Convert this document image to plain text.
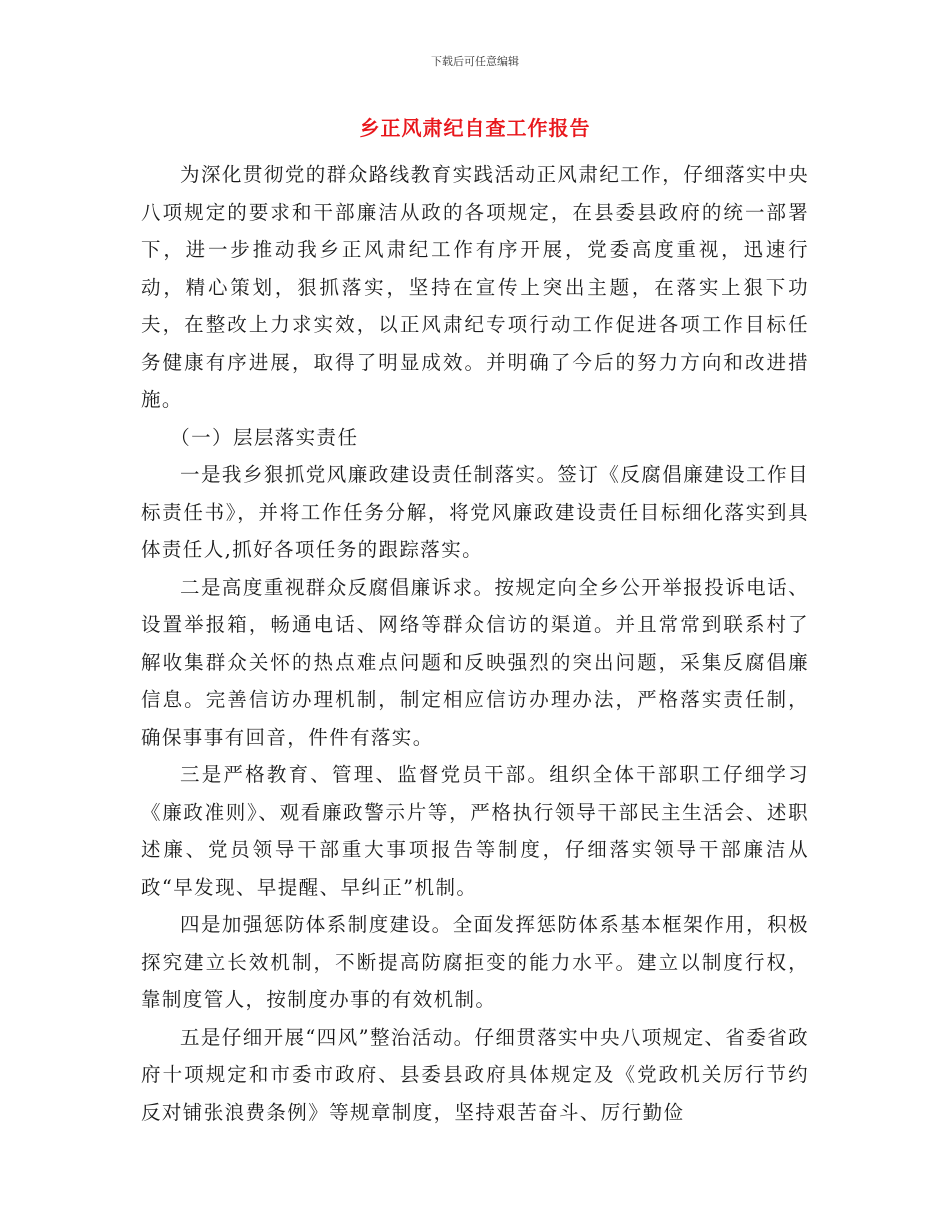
下载后可任意编辑
乡正风肃纪自查工作报告

为深化贯彻党的群众路线教育实践活动正风肃纪工作，仔细落实中央八项规定的要求和干部廉洁从政的各项规定，在县委县政府的统一部署下，进一步推动我乡正风肃纪工作有序开展，党委高度重视，迅速行动，精心策划，狠抓落实，坚持在宣传上突出主题，在落实上狠下功夫，在整改上力求实效，以正风肃纪专项行动工作促进各项工作目标任务健康有序进展，取得了明显成效。并明确了今后的努力方向和改进措施。

（一）层层落实责任

一是我乡狠抓党风廉政建设责任制落实。签订《反腐倡廉建设工作目标责任书》，并将工作任务分解，将党风廉政建设责任目标细化落实到具体责任人,抓好各项任务的跟踪落实。

二是高度重视群众反腐倡廉诉求。按规定向全乡公开举报投诉电话、设置举报箱，畅通电话、网络等群众信访的渠道。并且常常到联系村了解收集群众关怀的热点难点问题和反映强烈的突出问题，采集反腐倡廉信息。完善信访办理机制，制定相应信访办理办法，严格落实责任制，确保事事有回音，件件有落实。

三是严格教育、管理、监督党员干部。组织全体干部职工仔细学习《廉政准则》、观看廉政警示片等，严格执行领导干部民主生活会、述职述廉、党员领导干部重大事项报告等制度，仔细落实领导干部廉洁从政“早发现、早提醒、早纠正”机制。

四是加强惩防体系制度建设。全面发挥惩防体系基本框架作用，积极探究建立长效机制，不断提高防腐拒变的能力水平。建立以制度行权，靠制度管人，按制度办事的有效机制。

五是仔细开展“四风”整治活动。仔细贯落实中央八项规定、省委省政府十项规定和市委市政府、县委县政府具体规定及《党政机关厉行节约反对铺张浪费条例》等规章制度，坚持艰苦奋斗、厉行勤俭
